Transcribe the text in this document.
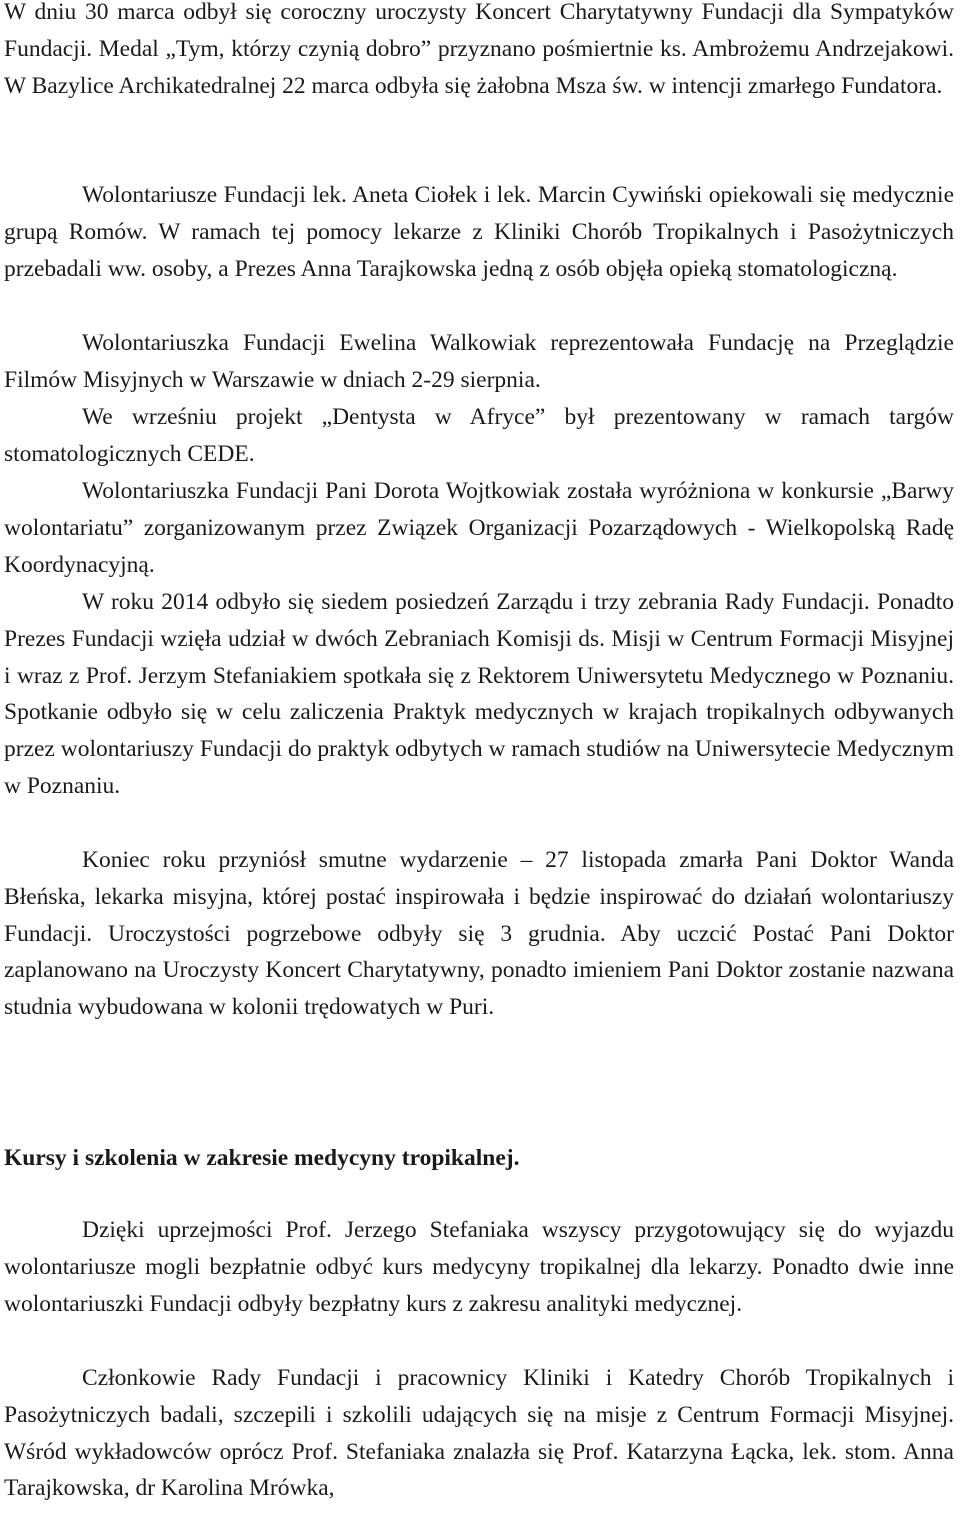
W dniu 30 marca odbył się coroczny uroczysty Koncert Charytatywny Fundacji dla Sympatyków Fundacji. Medal „Tym, którzy czynią dobro” przyznano pośmiertnie ks. Ambrożemu Andrzejakowi. W Bazylice Archikatedralnej 22 marca odbyła się żałobna Msza św. w intencji zmarłego Fundatora.

Wolontariusze Fundacji lek. Aneta Ciołek i lek. Marcin Cywiński opiekowali się medycznie grupą Romów. W ramach tej pomocy lekarze z Kliniki Chorób Tropikalnych i Pasożytniczych przebadali ww. osoby, a Prezes Anna Tarajkowska jedną z osób objęła opieką stomatologiczną.

Wolontariuszka Fundacji Ewelina Walkowiak reprezentowała Fundację na Przeglądzie Filmów Misyjnych w Warszawie w dniach 2-29 sierpnia.

We wrześniu projekt „Dentysta w Afryce” był prezentowany w ramach targów stomatologicznych CEDE.

Wolontariuszka Fundacji Pani Dorota Wojtkowiak została wyróżniona w konkursie „Barwy wolontariatu” zorganizowanym przez Związek Organizacji Pozarządowych - Wielkopolską Radę Koordynacyjną.

W roku 2014 odbyło się siedem posiedzeń Zarządu i trzy zebrania Rady Fundacji. Ponadto Prezes Fundacji wzięła udział w dwóch Zebraniach Komisji ds. Misji w Centrum Formacji Misyjnej i wraz z Prof. Jerzym Stefaniakiem spotkała się z Rektorem Uniwersytetu Medycznego w Poznaniu. Spotkanie odbyło się w celu zaliczenia Praktyk medycznych w krajach tropikalnych odbywanych przez wolontariuszy Fundacji do praktyk odbytych w ramach studiów na Uniwersytecie Medycznym w Poznaniu.

Koniec roku przyniósł smutne wydarzenie – 27 listopada zmarła Pani Doktor Wanda Błeńska, lekarka misyjna, której postać inspirowała i będzie inspirować do działań wolontariuszy Fundacji. Uroczystości pogrzebowe odbyły się 3 grudnia. Aby uczcić Postać Pani Doktor zaplanowano na Uroczysty Koncert Charytatywny, ponadto imieniem Pani Doktor zostanie nazwana studnia wybudowana w kolonii trędowatych w Puri.

Kursy i szkolenia w zakresie medycyny tropikalnej.

Dzięki uprzejmości Prof. Jerzego Stefaniaka wszyscy przygotowujący się do wyjazdu wolontariusze mogli bezpłatnie odbyć kurs medycyny tropikalnej dla lekarzy. Ponadto dwie inne wolontariuszki Fundacji odbyły bezpłatny kurs z zakresu analityki medycznej.

Członkowie Rady Fundacji i pracownicy Kliniki i Katedry Chorób Tropikalnych i Pasożytniczych badali, szczepili i szkolili udających się na misje z Centrum Formacji Misyjnej. Wśród wykładowców oprócz Prof. Stefaniaka znalazła się Prof. Katarzyna Łącka, lek. stom. Anna Tarajkowska, dr Karolina Mrówka,
